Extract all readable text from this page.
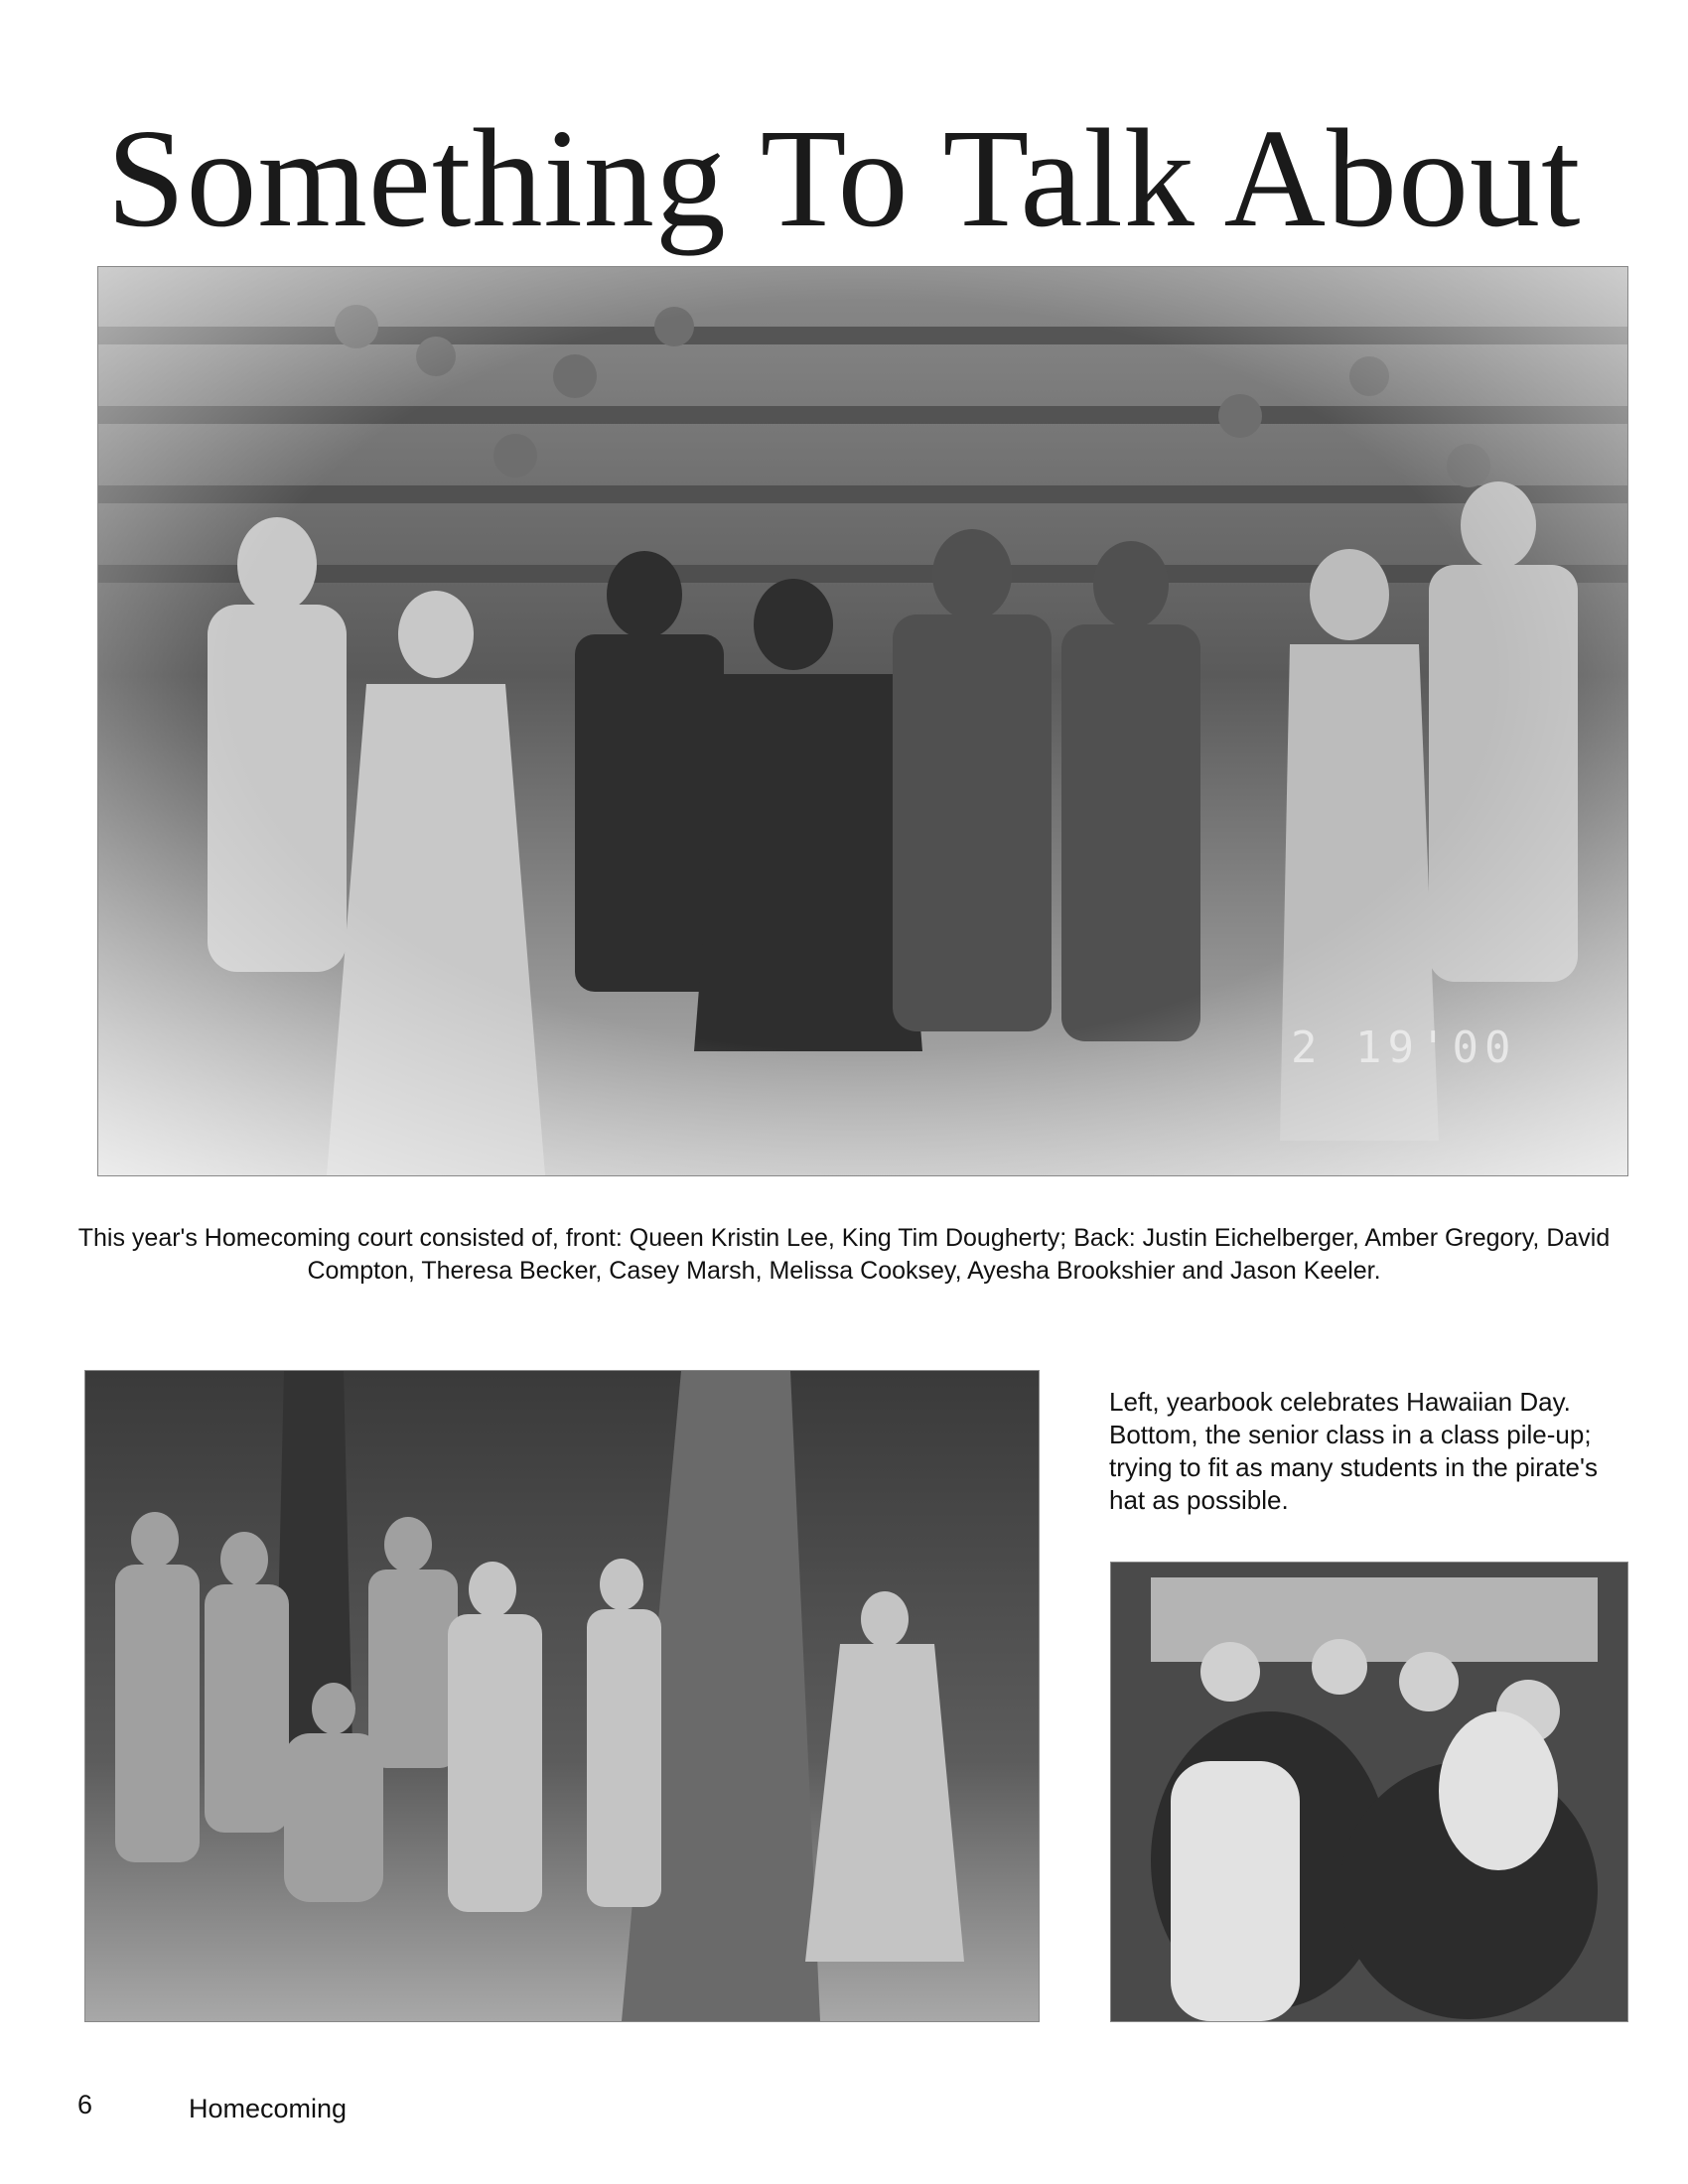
Something To Talk About
2 19'00

This year's Homecoming court consisted of, front: Queen Kristin Lee, King Tim Dougherty; Back: Justin Eichelberger, Amber Gregory, David Compton, Theresa Becker, Casey Marsh, Melissa Cooksey, Ayesha Brookshier and Jason Keeler.

Left, yearbook celebrates Hawaiian Day. Bottom, the senior class in a class pile-up; trying to fit as many students in the pirate's hat as possible.

6	Homecoming
